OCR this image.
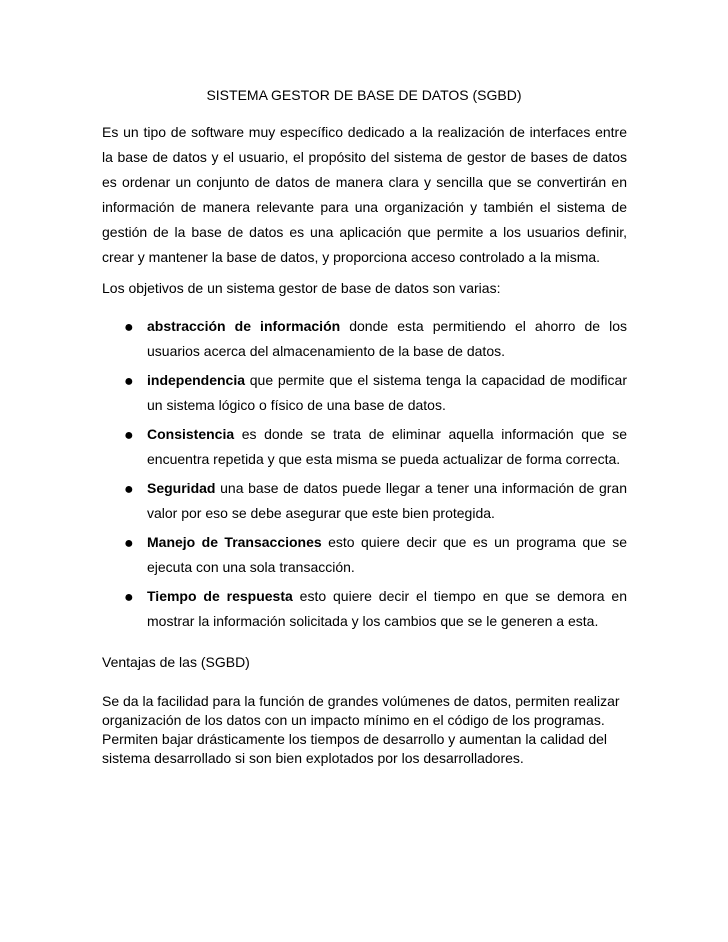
SISTEMA GESTOR DE BASE DE DATOS (SGBD)

Es un tipo de software muy específico dedicado a la realización de interfaces entre la base de datos y el usuario, el propósito del sistema de gestor de bases de datos es ordenar un conjunto de datos de manera clara y sencilla que se convertirán en información de manera relevante para una organización y también el sistema de gestión de la base de datos es una aplicación que permite a los usuarios definir, crear y mantener la base de datos, y proporciona acceso controlado a la misma.

Los objetivos de un sistema gestor de base de datos son varias:

● abstracción de información donde esta permitiendo el ahorro de los usuarios acerca del almacenamiento de la base de datos.
● independencia que permite que el sistema tenga la capacidad de modificar un sistema lógico o físico de una base de datos.
● Consistencia es donde se trata de eliminar aquella información que se encuentra repetida y que esta misma se pueda actualizar de forma correcta.
● Seguridad una base de datos puede llegar a tener una información de gran valor por eso se debe asegurar que este bien protegida.
● Manejo de Transacciones esto quiere decir que es un programa que se ejecuta con una sola transacción.
● Tiempo de respuesta esto quiere decir el tiempo en que se demora en mostrar la información solicitada y los cambios que se le generen a esta.

Ventajas de las (SGBD)

Se da la facilidad para la función de grandes volúmenes de datos, permiten realizar organización de los datos con un impacto mínimo en el código de los programas. Permiten bajar drásticamente los tiempos de desarrollo y aumentan la calidad del sistema desarrollado si son bien explotados por los desarrolladores.
